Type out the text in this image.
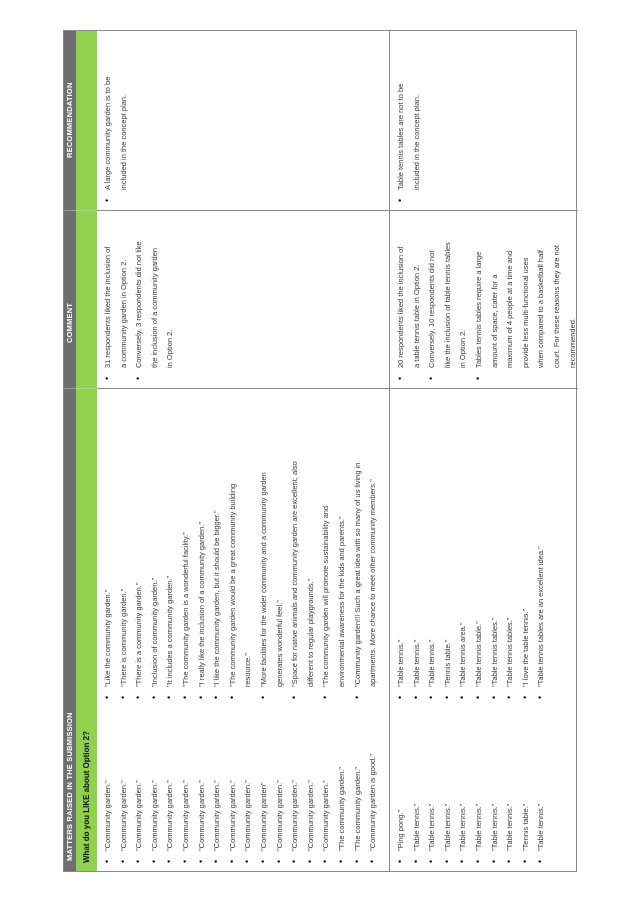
MATTERS RAISED IN THE SUBMISSION
COMMENT
RECOMMENDATION
What do you LIKE about Option 2?	• "Community garden." • "Community garden." • "Community garden." • "Community garden." • "Community garden." • "Community garden." • "Community garden." • "Community garden." • "Community garden." • "Community garden." • "Community garden" • "Community garden." • "Community garden." • "Community garden." • "Community garden." • "The community garden." • "The community garden." • "Community garden is good."
• "Like the community garden." • "There is community garden." • "There is a community garden." • "Inclusion of community garden." • "It includes a community garden." • "The community garden is a wonderful facility." • "I really like the inclusion of a community garden." • "I like the community garden, but it should be bigger." • "The community garden would be a great community building
resource." • "More facilities for the wider community and a community garden
generates wonderful feel."
• "Space for native animals and community garden are excellent, also
different to regular playgrounds."
• "The community garden will promote sustainability and
environmental awareness for the kids and parents."
• "Community garden!!! Such a great idea with so many of us living in
apartments. More chance to meet other community members."
• 31 respondents liked the inclusion of
a community garden in Option 2.
• Conversely, 3 respondents did not like
the inclusion of a community garden
in Option 2.
• A large community garden is to be
included in the concept plan.
• "Ping pong." • "Table tennis." • "Table tennis." • "Table tennis." • "Table tennis." • "Table tennis." • "Table tennis." • "Table tennis." • "Tennis table." • "Table tennis."
• "Table tennis." • "Table tennis." • "Table tennis." • "Tennis table." • "Table tennis area." • "Table tennis table." • "Table tennis tables." • "Table tennis tables." • "I love the table tennis." • "Table tennis tables are an excellent idea."
• 20 respondents liked the inclusion of
a table tennis table in Option 2.
• Conversely, 10 respondents did not
like the inclusion of table tennis tables
in Option 2.
• Tables tennis tables require a large
amount of space, cater for a
maximum of 4 people at a time and
provide less multi-functional uses
when compared to a basketball half
court. For these reasons they are not
recommended.
• Table tennis tables are not to be
included in the concept plan.
